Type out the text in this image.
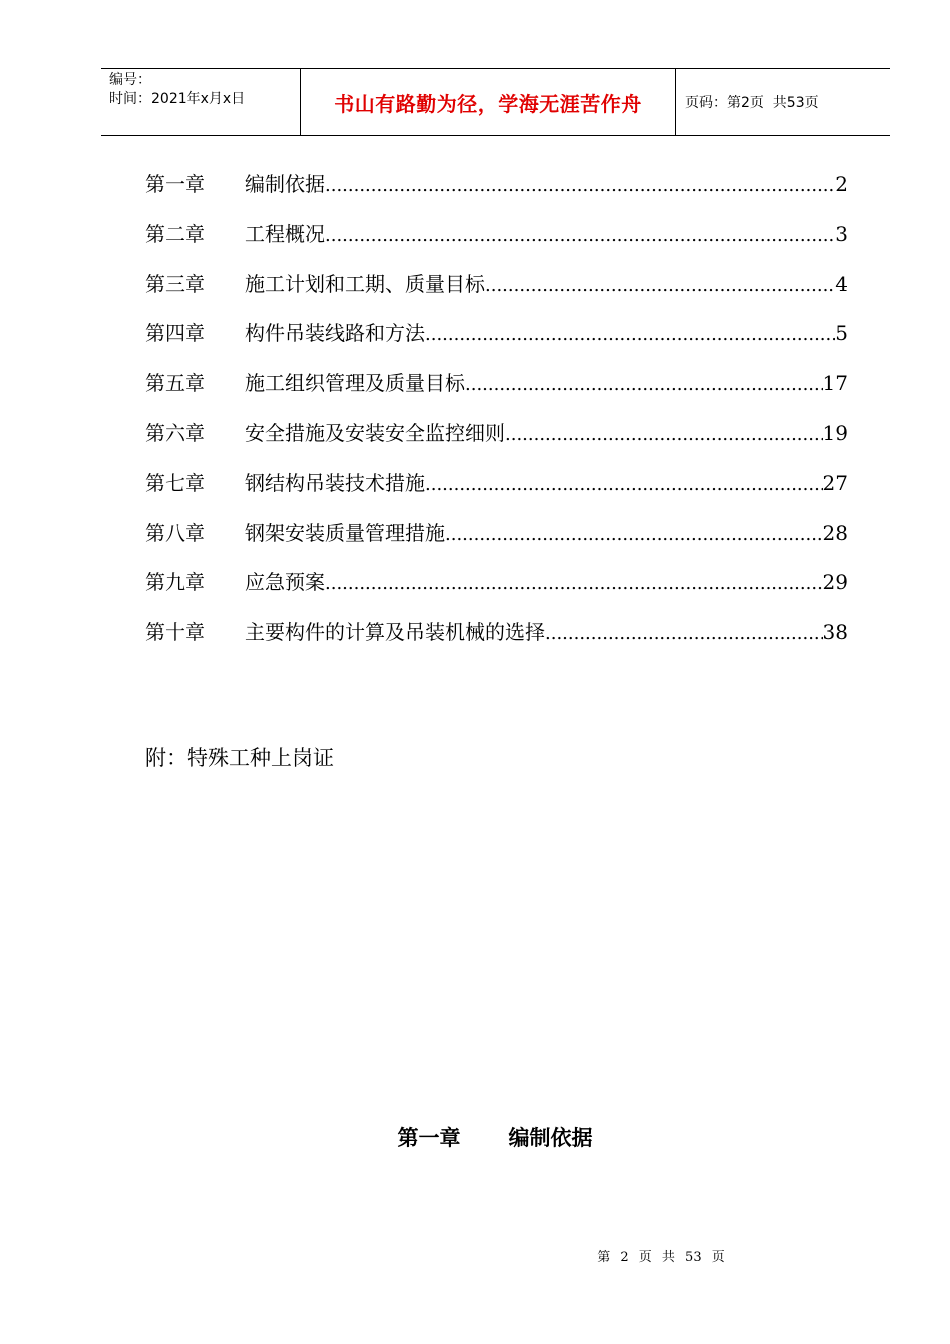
编号：
时间：2021年x月x日	书山有路勤为径，学海无涯苦作舟	页码：第2页  共53页
第一章	编制依据 .....	2
第二章	工程概况 .....	3
第三章	施工计划和工期、质量目标 .....	4
第四章	构件吊装线路和方法 .....	5
第五章	施工组织管理及质量目标 .....	17
第六章	安全措施及安装安全监控细则 .....	19
第七章	钢结构吊装技术措施 .....	27
第八章	钢架安装质量管理措施 .....	28
第九章	应急预案 .....	29
第十章	主要构件的计算及吊装机械的选择 .....	38
附：特殊工种上岗证
第一章 编制依据
第 2 页 共 53 页
